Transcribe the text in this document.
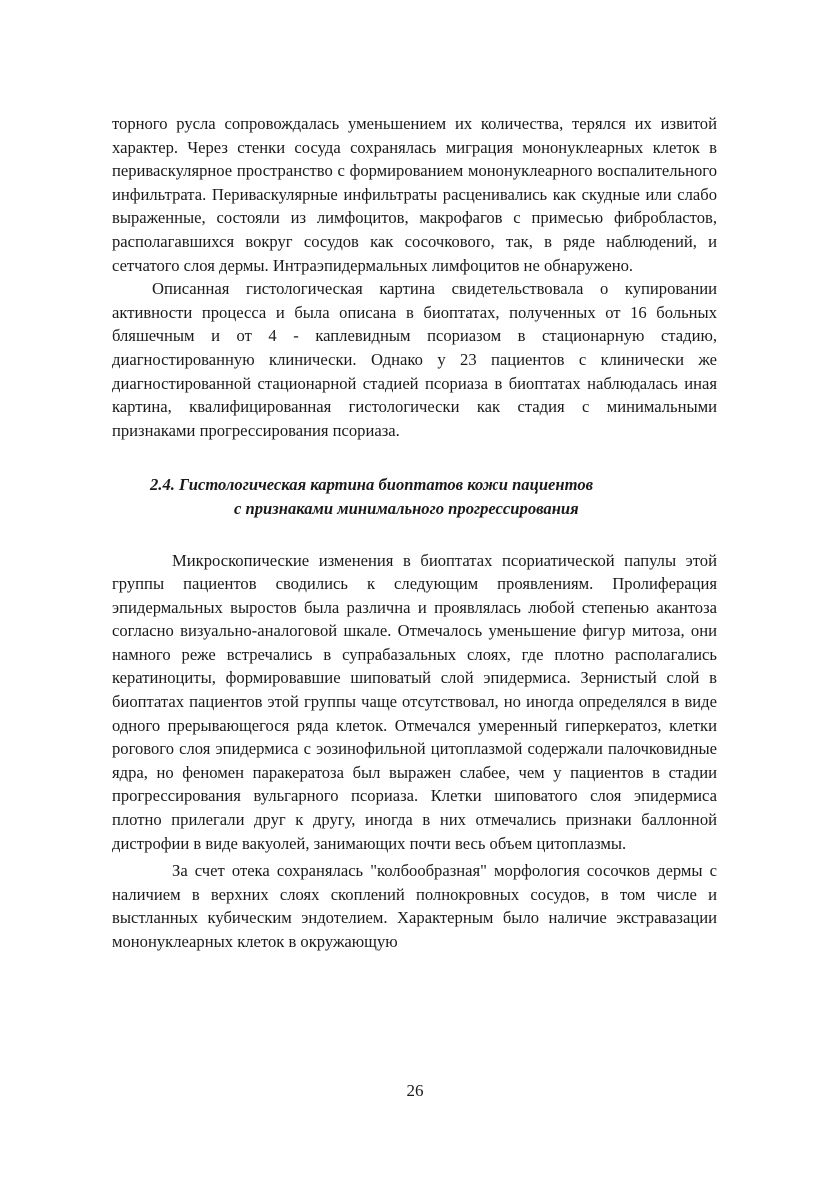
торного русла сопровождалась уменьшением их количества, терялся их извитой характер. Через стенки сосуда сохранялась миграция мононуклеарных клеток в периваскулярное пространство с формированием мононуклеарного воспалительного инфильтрата. Периваскулярные инфильтраты расценивались как скудные или слабо выраженные, состояли из лимфоцитов, макрофагов с примесью фибробластов, располагавшихся вокруг сосудов как сосочкового, так, в ряде наблюдений, и сетчатого слоя дермы. Интраэпидермальных лимфоцитов не обнаружено.

Описанная гистологическая картина свидетельствовала о купировании активности процесса и была описана в биоптатах, полученных от 16 больных бляшечным и от 4 - каплевидным псориазом в стационарную стадию, диагностированную клинически. Однако у 23 пациентов с клинически же диагностированной стационарной стадией псориаза в биоптатах наблюдалась иная картина, квалифицированная гистологически как стадия с минимальными признаками прогрессирования псориаза.

2.4. Гистологическая картина биоптатов кожи пациентов
с признаками минимального прогрессирования

Микроскопические изменения в биоптатах псориатической папулы этой группы пациентов сводились к следующим проявлениям. Пролиферация эпидермальных выростов была различна и проявлялась любой степенью акантоза согласно визуально-аналоговой шкале. Отмечалось уменьшение фигур митоза, они намного реже встречались в супрабазальных слоях, где плотно располагались кератиноциты, формировавшие шиповатый слой эпидермиса. Зернистый слой в биоптатах пациентов этой группы чаще отсутствовал, но иногда определялся в виде одного прерывающегося ряда клеток. Отмечался умеренный гиперкератоз, клетки рогового слоя эпидермиса с эозинофильной цитоплазмой содержали палочковидные ядра, но феномен паракератоза был выражен слабее, чем у пациентов в стадии прогрессирования вульгарного псориаза. Клетки шиповатого слоя эпидермиса плотно прилегали друг к другу, иногда в них отмечались признаки баллонной дистрофии в виде вакуолей, занимающих почти весь объем цитоплазмы.

За счет отека сохранялась "колбообразная" морфология сосочков дермы с наличием в верхних слоях скоплений полнокровных сосудов, в том числе и выстланных кубическим эндотелием. Характерным было наличие экстравазации мононуклеарных клеток в окружающую

26
